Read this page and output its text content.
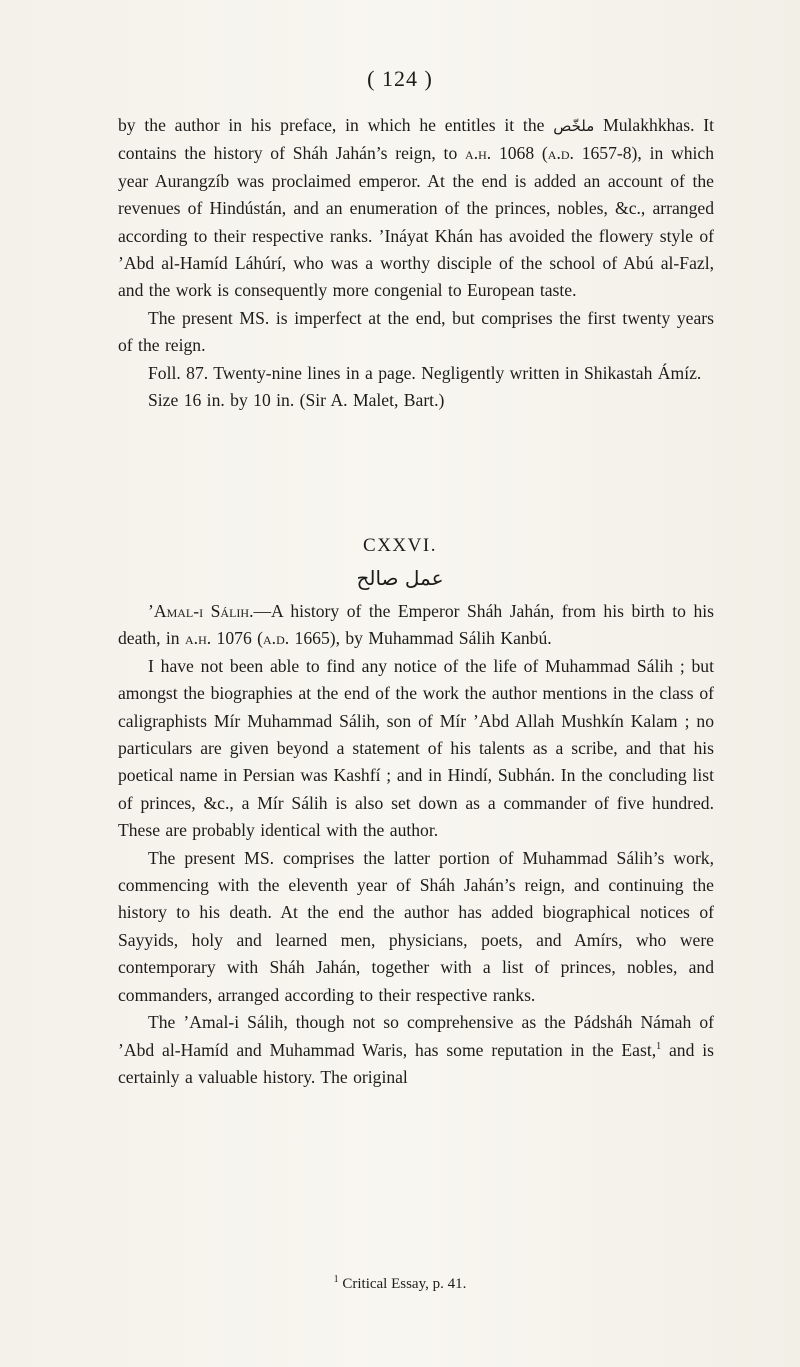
( 124 )

by the author in his preface, in which he entitles it the ملخّص Mulakhkhas. It contains the history of Sháh Jahán’s reign, to a.h. 1068 (a.d. 1657-8), in which year Aurangzíb was proclaimed emperor. At the end is added an account of the revenues of Hindústán, and an enumeration of the princes, nobles, &c., arranged according to their respective ranks. ’Ináyat Khán has avoided the flowery style of ’Abd al-Hamíd Láhúrí, who was a worthy disciple of the school of Abú al-Fazl, and the work is consequently more congenial to European taste.

The present MS. is imperfect at the end, but comprises the first twenty years of the reign.

Foll. 87. Twenty-nine lines in a page. Negligently written in Shikastah Ámíz.

Size 16 in. by 10 in. (Sir A. Malet, Bart.)

CXXVI.
عمل صالح

’Amal-i Sálih.—A history of the Emperor Sháh Jahán, from his birth to his death, in a.h. 1076 (a.d. 1665), by Muhammad Sálih Kanbú.

I have not been able to find any notice of the life of Muhammad Sálih ; but amongst the biographies at the end of the work the author mentions in the class of caligraphists Mír Muhammad Sálih, son of Mír ’Abd Allah Mushkín Kalam ; no particulars are given beyond a statement of his talents as a scribe, and that his poetical name in Persian was Kashfí ; and in Hindí, Subhán. In the concluding list of princes, &c., a Mír Sálih is also set down as a commander of five hundred. These are probably identical with the author.

The present MS. comprises the latter portion of Muhammad Sálih’s work, commencing with the eleventh year of Sháh Jahán’s reign, and continuing the history to his death. At the end the author has added biographical notices of Sayyids, holy and learned men, physicians, poets, and Amírs, who were contemporary with Sháh Jahán, together with a list of princes, nobles, and commanders, arranged according to their respective ranks.

The ’Amal-i Sálih, though not so comprehensive as the Pádsháh Námah of ’Abd al-Hamíd and Muhammad Waris, has some reputation in the East,$^1$ and is certainly a valuable history. The original

$^1$ Critical Essay, p. 41.
